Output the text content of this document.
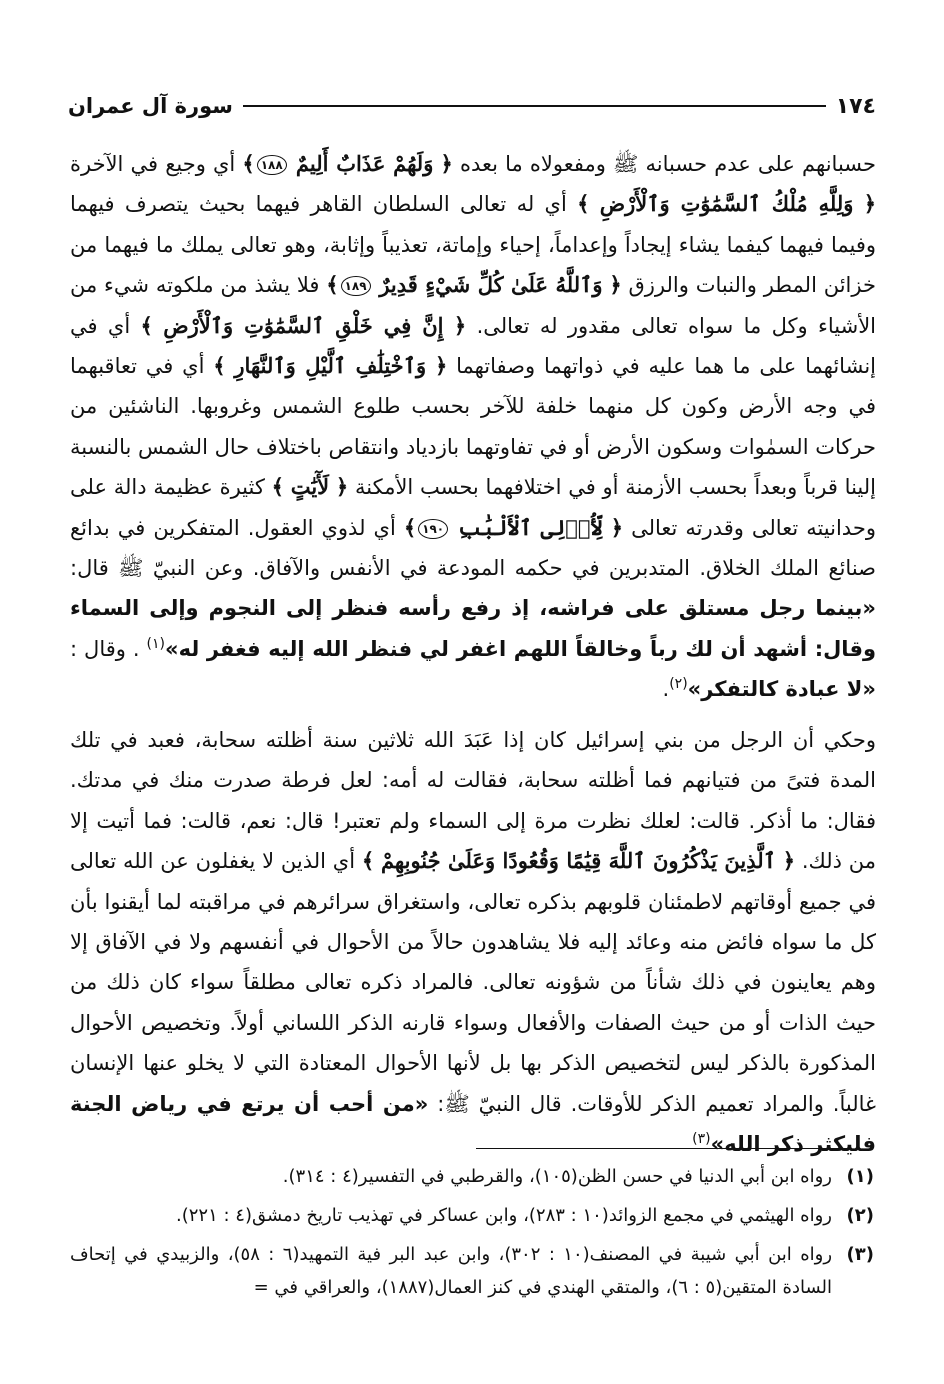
١٧٤
سورة آل عمران

حسبانهم على عدم حسبانه ﷺ ومفعولاه ما بعده ﴿ وَلَهُمْ عَذَابٌ أَلِيمٌ ١٨٨﴾ أي وجيع في الآخرة ﴿ وَلِلَّهِ مُلْكُ ٱلسَّمَٰوَٰتِ وَٱلْأَرْضِ ﴾ أي له تعالى السلطان القاهر فيهما بحيث يتصرف فيهما وفيما فيهما كيفما يشاء إيجاداً وإعداماً، إحياء وإماتة، تعذيباً وإثابة، وهو تعالى يملك ما فيهما من خزائن المطر والنبات والرزق ﴿ وَٱللَّهُ عَلَىٰ كُلِّ شَيْءٍ قَدِيرٌ ١٨٩﴾ فلا يشذ من ملكوته شيء من الأشياء وكل ما سواه تعالى مقدور له تعالى. ﴿ إِنَّ فِي خَلْقِ ٱلسَّمَٰوَٰتِ وَٱلْأَرْضِ ﴾ أي في إنشائهما على ما هما عليه في ذواتهما وصفاتهما ﴿ وَٱخْتِلَٰفِ ٱلَّيْلِ وَٱلنَّهَارِ ﴾ أي في تعاقبهما في وجه الأرض وكون كل منهما خلفة للآخر بحسب طلوع الشمس وغروبها. الناشئين من حركات السمٰوات وسكون الأرض أو في تفاوتهما بازدياد وانتقاص باختلاف حال الشمس بالنسبة إلينا قرباً وبعداً بحسب الأزمنة أو في اختلافهما بحسب الأمكنة ﴿ لَأٓيَٰتٍ ﴾ كثيرة عظيمة دالة على وحدانيته تعالى وقدرته تعالى ﴿ لِّأُو۟لِى ٱلْأَلْبَٰبِ ١٩٠﴾ أي لذوي العقول. المتفكرين في بدائع صنائع الملك الخلاق. المتدبرين في حكمه المودعة في الأنفس والآفاق. وعن النبيّ ﷺ قال: «بينما رجل مستلق على فراشه، إذ رفع رأسه فنظر إلى النجوم وإلى السماء وقال: أشهد أن لك رباً وخالقاً اللهم اغفر لي فنظر الله إليه فغفر له»$^{(١)}$ . وقال : «لا عبادة كالتفكر»$^{(٢)}$.

وحكي أن الرجل من بني إسرائيل كان إذا عَبَدَ الله ثلاثين سنة أظلته سحابة، فعبد في تلك المدة فتىً من فتيانهم فما أظلته سحابة، فقالت له أمه: لعل فرطة صدرت منك في مدتك. فقال: ما أذكر. قالت: لعلك نظرت مرة إلى السماء ولم تعتبر! قال: نعم، قالت: فما أتيت إلا من ذلك. ﴿ ٱلَّذِينَ يَذْكُرُونَ ٱللَّهَ قِيَٰمًا وَقُعُودًا وَعَلَىٰ جُنُوبِهِمْ ﴾ أي الذين لا يغفلون عن الله تعالى في جميع أوقاتهم لاطمئنان قلوبهم بذكره تعالى، واستغراق سرائرهم في مراقبته لما أيقنوا بأن كل ما سواه فائض منه وعائد إليه فلا يشاهدون حالاً من الأحوال في أنفسهم ولا في الآفاق إلا وهم يعاينون في ذلك شأناً من شؤونه تعالى. فالمراد ذكره تعالى مطلقاً سواء كان ذلك من حيث الذات أو من حيث الصفات والأفعال وسواء قارنه الذكر اللساني أولاً. وتخصيص الأحوال المذكورة بالذكر ليس لتخصيص الذكر بها بل لأنها الأحوال المعتادة التي لا يخلو عنها الإنسان غالباً. والمراد تعميم الذكر للأوقات. قال النبيّ ﷺ: «من أحب أن يرتع في رياض الجنة فليكثر ذكر الله»$^{(٣)}$

(١)
رواه ابن أبي الدنيا في حسن الظن(١٠٥)، والقرطبي في التفسير(٤ : ٣١٤).
(٢)
رواه الهيثمي في مجمع الزوائد(١٠ : ٢٨٣)، وابن عساكر في تهذيب تاريخ دمشق(٤ : ٢٢١).
(٣)
رواه ابن أبي شيبة في المصنف(١٠ : ٣٠٢)، وابن عبد البر فية التمهيد(٦ : ٥٨)، والزبيدي في إتحاف السادة المتقين(٥ : ٦)، والمتقي الهندي في كنز العمال(١٨٨٧)، والعراقي في =
